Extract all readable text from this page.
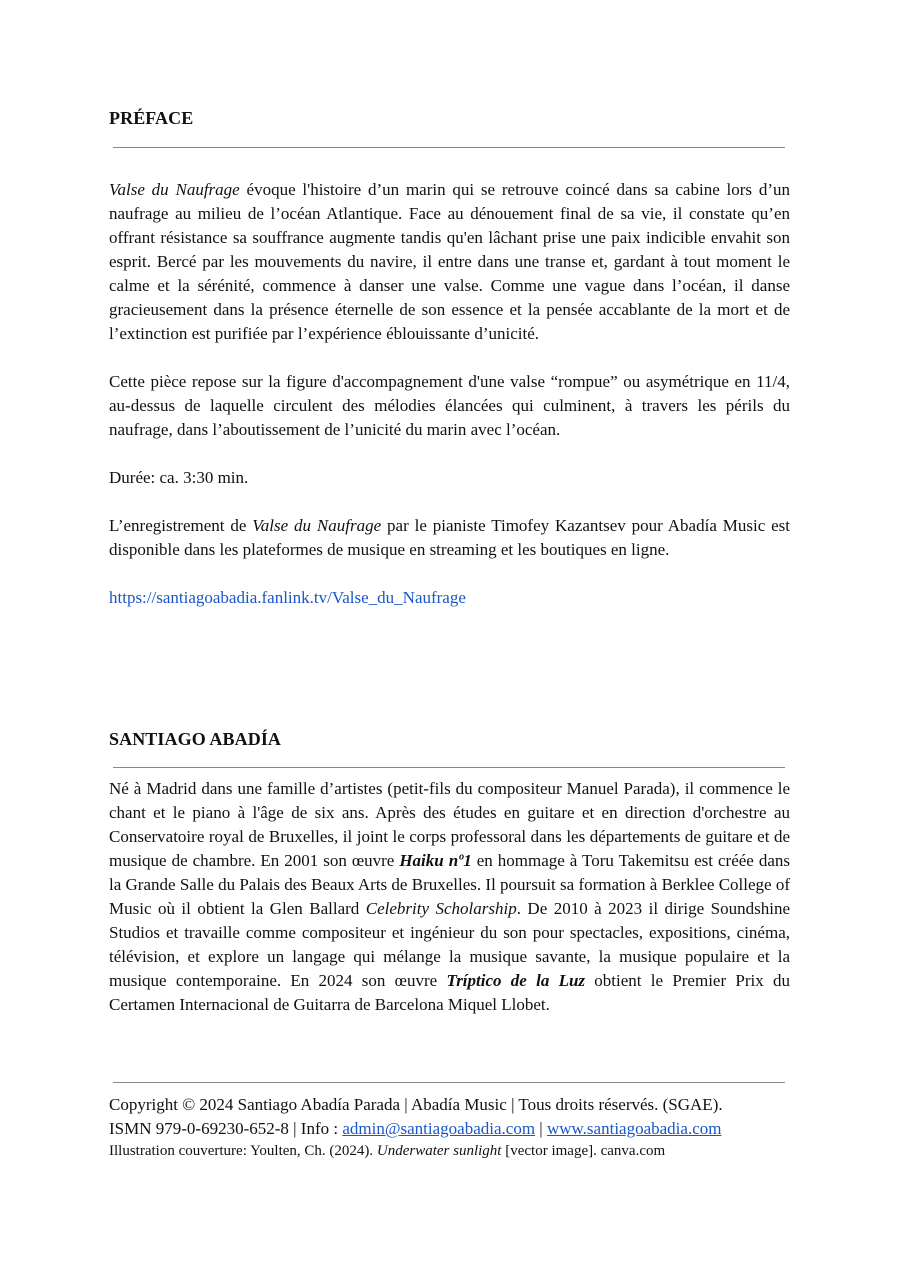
PRÉFACE

Valse du Naufrage évoque l'histoire d’un marin qui se retrouve coincé dans sa cabine lors d’un naufrage au milieu de l’océan Atlantique. Face au dénouement final de sa vie, il constate qu’en offrant résistance sa souffrance augmente tandis qu'en lâchant prise une paix indicible envahit son esprit. Bercé par les mouvements du navire, il entre dans une transe et, gardant à tout moment le calme et la sérénité, commence à danser une valse. Comme une vague dans l’océan, il danse gracieusement dans la présence éternelle de son essence et la pensée accablante de la mort et de l’extinction est purifiée par l’expérience éblouissante d’unicité.

Cette pièce repose sur la figure d'accompagnement d'une valse “rompue” ou asymétrique en 11/4, au-dessus de laquelle circulent des mélodies élancées qui culminent, à travers les périls du naufrage, dans l’aboutissement de l’unicité du marin avec l’océan.

Durée: ca. 3:30 min.

L’enregistrement de Valse du Naufrage par le pianiste Timofey Kazantsev pour Abadía Music est disponible dans les plateformes de musique en streaming et les boutiques en ligne.

https://santiagoabadia.fanlink.tv/Valse_du_Naufrage

SANTIAGO ABADÍA

Né à Madrid dans une famille d’artistes (petit-fils du compositeur Manuel Parada), il commence le chant et le piano à l'âge de six ans. Après des études en guitare et en direction d'orchestre au Conservatoire royal de Bruxelles, il joint le corps professoral dans les départements de guitare et de musique de chambre. En 2001 son œuvre Haiku nº1 en hommage à Toru Takemitsu est créée dans la Grande Salle du Palais des Beaux Arts de Bruxelles. Il poursuit sa formation à Berklee College of Music où il obtient la Glen Ballard Celebrity Scholarship. De 2010 à 2023 il dirige Soundshine Studios et travaille comme compositeur et ingénieur du son pour spectacles, expositions, cinéma, télévision, et explore un langage qui mélange la musique savante, la musique populaire et la musique contemporaine. En 2024 son œuvre Tríptico de la Luz obtient le Premier Prix du Certamen Internacional de Guitarra de Barcelona Miquel Llobet.

Copyright © 2024 Santiago Abadía Parada | Abadía Music | Tous droits réservés. (SGAE).

ISMN 979-0-69230-652-8 | Info : admin@santiagoabadia.com | www.santiagoabadia.com

Illustration couverture: Youlten, Ch. (2024). Underwater sunlight [vector image]. canva.com
